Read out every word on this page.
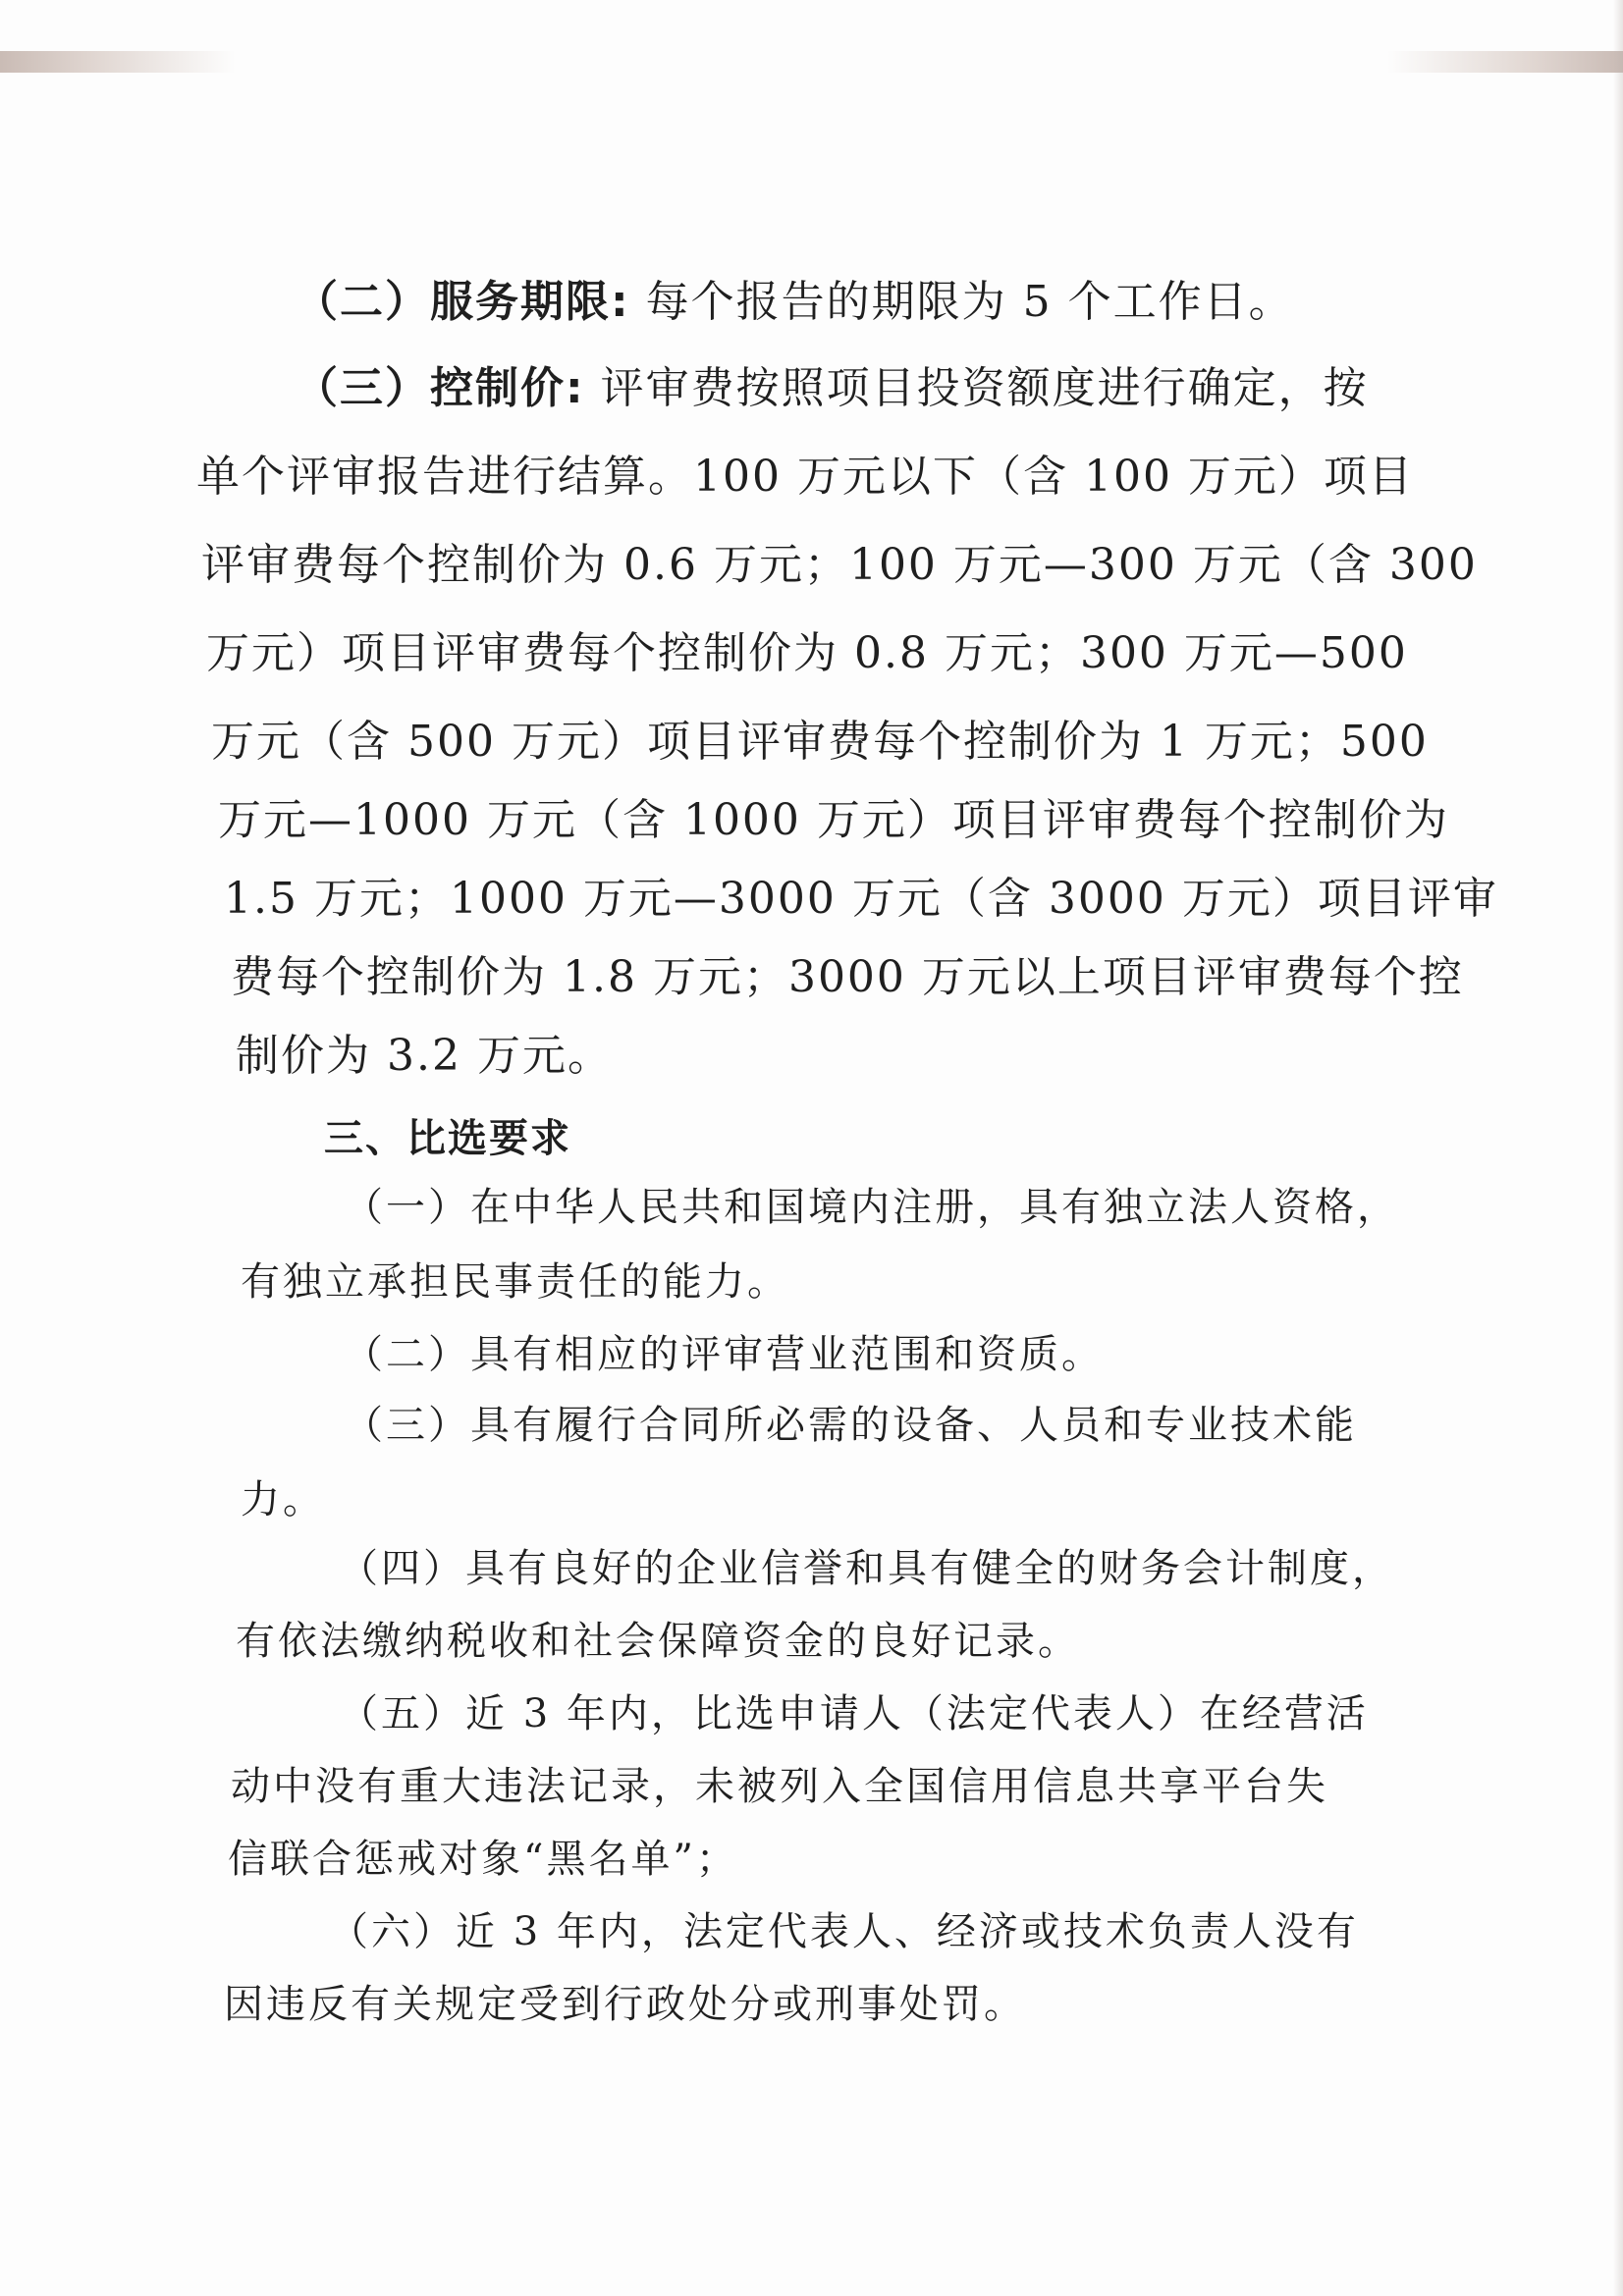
（二）服务期限: 每个报告的期限为 5 个工作日。

（三）控制价: 评审费按照项目投资额度进行确定，按

单个评审报告进行结算。100 万元以下（含 100 万元）项目

评审费每个控制价为 0.6 万元；100 万元—300 万元（含 300

万元）项目评审费每个控制价为 0.8 万元；300 万元—500

万元（含 500 万元）项目评审费每个控制价为 1 万元；500

万元—1000 万元（含 1000 万元）项目评审费每个控制价为

1.5 万元；1000 万元—3000 万元（含 3000 万元）项目评审

费每个控制价为 1.8 万元；3000 万元以上项目评审费每个控

制价为 3.2 万元。

三、比选要求

（一）在中华人民共和国境内注册，具有独立法人资格，

有独立承担民事责任的能力。

（二）具有相应的评审营业范围和资质。

（三）具有履行合同所必需的设备、人员和专业技术能

力。

（四）具有良好的企业信誉和具有健全的财务会计制度，

有依法缴纳税收和社会保障资金的良好记录。

（五）近 3 年内，比选申请人（法定代表人）在经营活

动中没有重大违法记录，未被列入全国信用信息共享平台失

信联合惩戒对象“黑名单”；

（六）近 3 年内，法定代表人、经济或技术负责人没有

因违反有关规定受到行政处分或刑事处罚。
